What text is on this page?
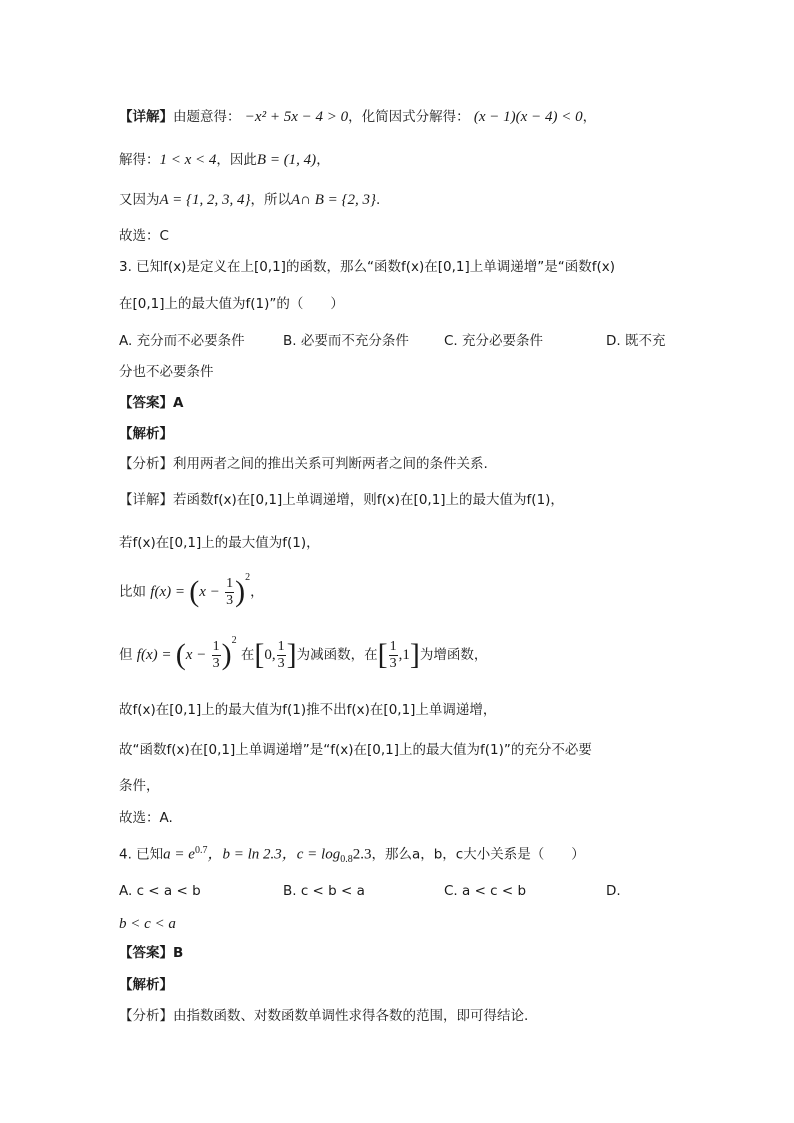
【详解】由题意得： −x² + 5x − 4 > 0，化简因式分解得： (x − 1)(x − 4) < 0，
解得：1 < x < 4，因此B = (1, 4)，
又因为A = {1, 2, 3, 4}，所以A∩ B = {2, 3}.
故选：C
3. 已知f(x)是定义在上[0,1]的函数，那么“函数f(x)在[0,1]上单调递增”是“函数f(x)
在[0,1]上的最大值为f(1)”的（　　）
A. 充分而不必要条件	B. 必要而不充分条件	C. 充分必要条件	D. 既不充
分也不必要条件
【答案】A
【解析】
【分析】利用两者之间的推出关系可判断两者之间的条件关系.
【详解】若函数f(x)在[0,1]上单调递增，则f(x)在[0,1]上的最大值为f(1)，
若f(x)在[0,1]上的最大值为f(1)，
比如 $f(x) = (x - \frac{1}{3} )^2$，
但 $f(x) = (x - \frac{1}{3} )^2$ 在[0, $\frac{1}{3}$ ]为减函数，在[ $\frac{1}{3} ,1$]为增函数，
故f(x)在[0,1]上的最大值为f(1)推不出f(x)在[0,1]上单调递增，
故“函数f(x)在[0,1]上单调递增”是“f(x)在[0,1]上的最大值为f(1)”的充分不必要
条件，
故选：A.
4. 已知$a = e^{0.7}$，b = ln 2.3，$c = \log_{0.8}2.3$，那么a，b，c大小关系是（　　）
A. c < a < b	B. c < b < a	C. a < c < b	D.
b < c < a
【答案】B
【解析】
【分析】由指数函数、对数函数单调性求得各数的范围，即可得结论.
